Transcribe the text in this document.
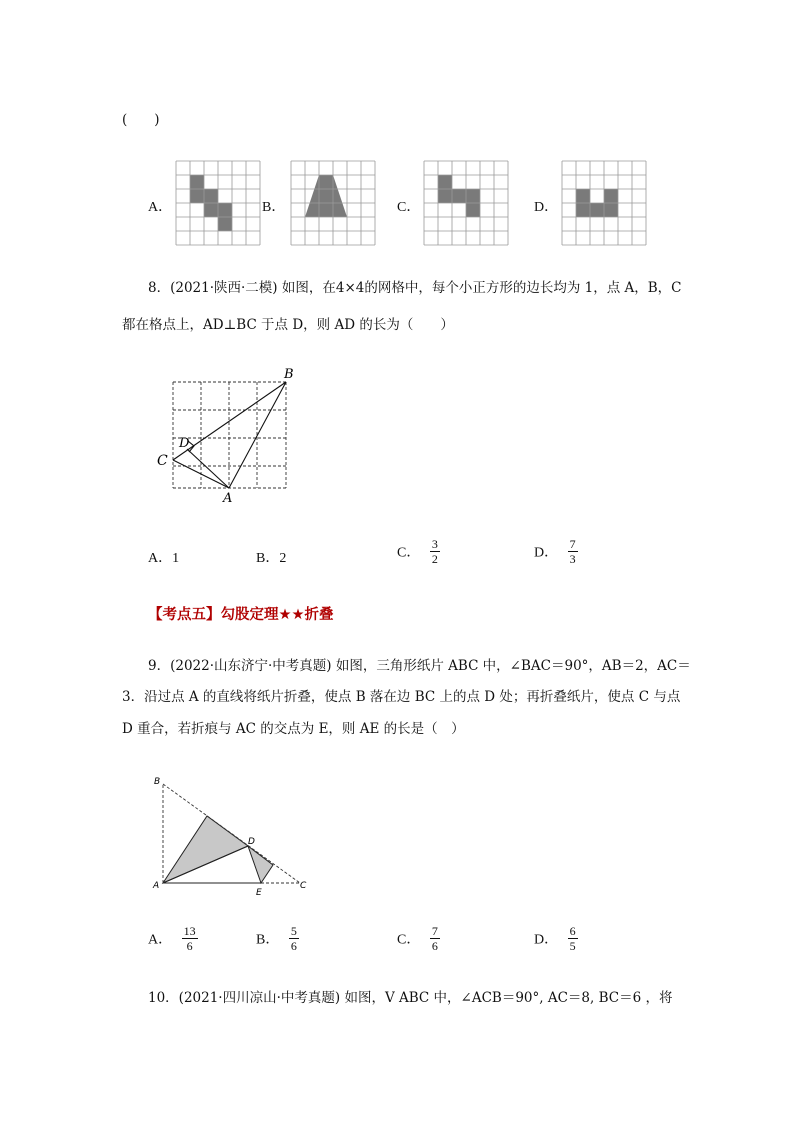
(　　)
A．	B．	C．	D．
8．(2021·陕西·二模) 如图，在4×4的网格中，每个小正方形的边长均为 1，点 A，B，C
都在格点上，AD⊥BC 于点 D，则 AD 的长为（　　）
B
C
D
A
A．1	B．2	C． $\frac{3}{2}$	D． $\frac{7}{3}$
【考点五】勾股定理★★折叠
9．(2022·山东济宁·中考真题) 如图，三角形纸片 ABC 中，∠BAC＝90°，AB＝2，AC＝
3．沿过点 A 的直线将纸片折叠，使点 B 落在边 BC 上的点 D 处；再折叠纸片，使点 C 与点
D 重合，若折痕与 AC 的交点为 E，则 AE 的长是（　）
B
D
A
E
C
A． $\frac{13}{6}$	B． $\frac{5}{6}$	C． $\frac{7}{6}$	D． $\frac{6}{5}$
10．(2021·四川凉山·中考真题) 如图，V ABC 中，∠ACB＝90°, AC＝8, BC＝6 ，将
